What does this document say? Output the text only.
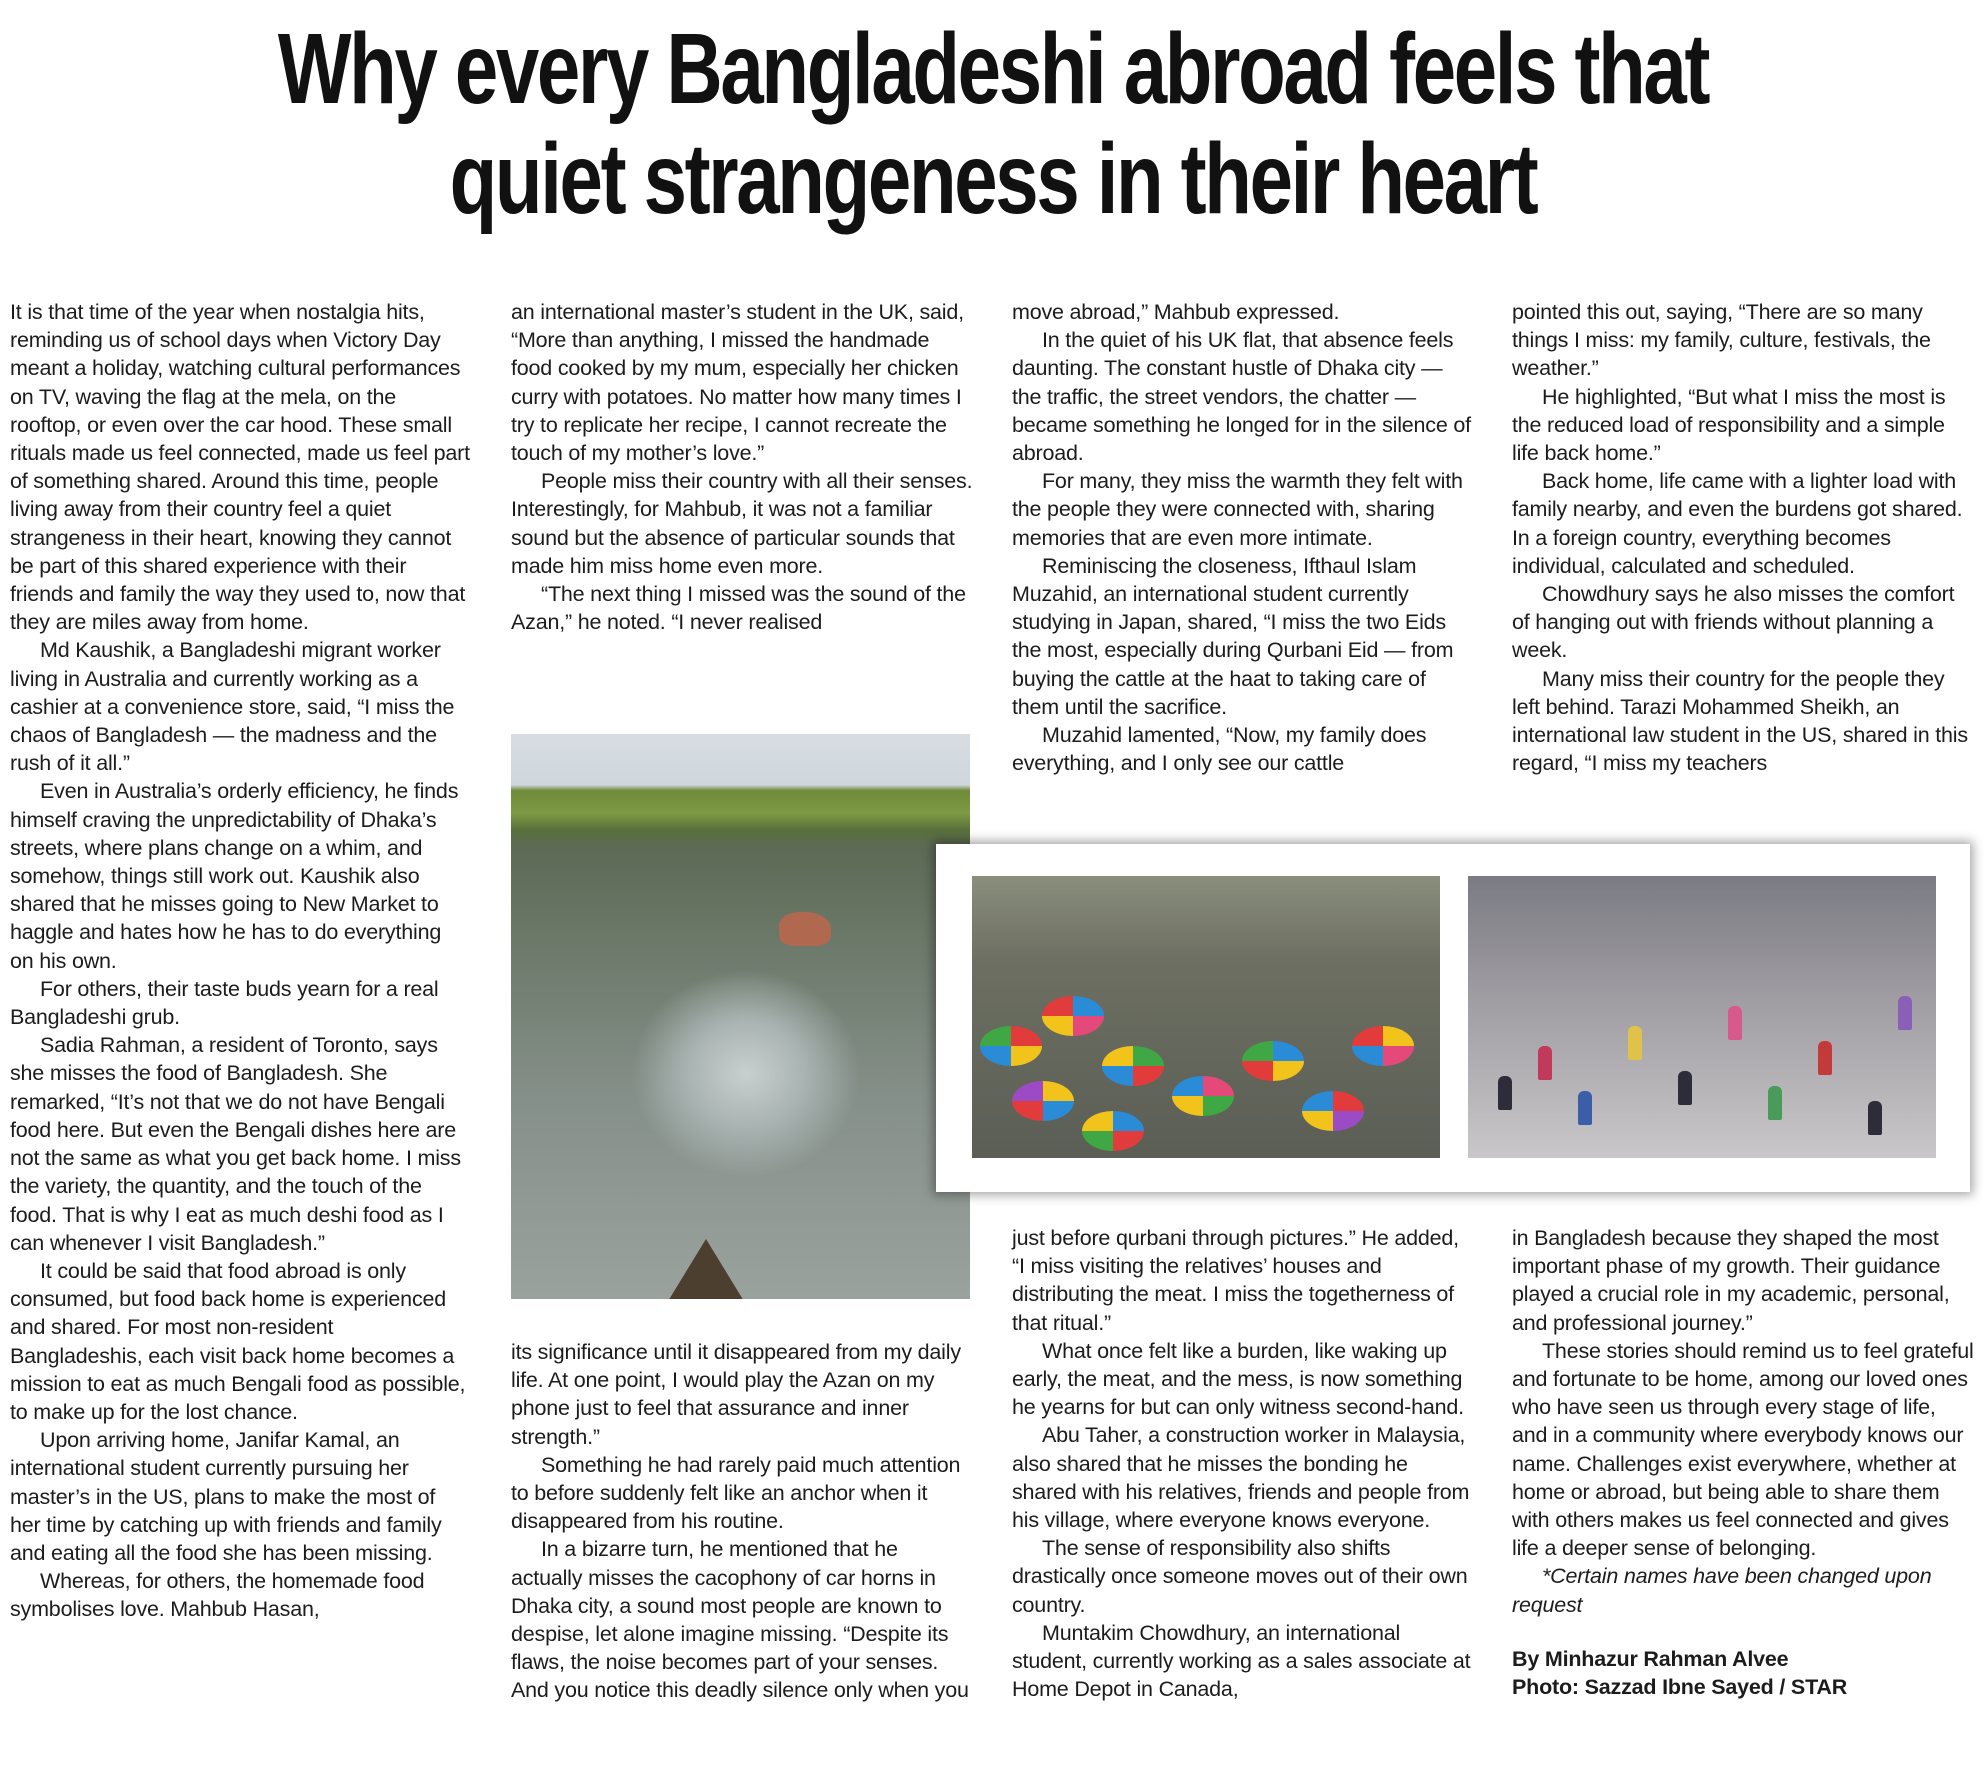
Why every Bangladeshi abroad feels that quiet strangeness in their heart

It is that time of the year when nostalgia hits, reminding us of school days when Victory Day meant a holiday, watching cultural performances on TV, waving the flag at the mela, on the rooftop, or even over the car hood. These small rituals made us feel connected, made us feel part of something shared. Around this time, people living away from their country feel a quiet strangeness in their heart, knowing they cannot be part of this shared experience with their friends and family the way they used to, now that they are miles away from home.

Md Kaushik, a Bangladeshi migrant worker living in Australia and currently working as a cashier at a convenience store, said, “I miss the chaos of Bangladesh — the madness and the rush of it all.”

Even in Australia’s orderly efficiency, he finds himself craving the unpredictability of Dhaka’s streets, where plans change on a whim, and somehow, things still work out. Kaushik also shared that he misses going to New Market to haggle and hates how he has to do everything on his own.

For others, their taste buds yearn for a real Bangladeshi grub.

Sadia Rahman, a resident of Toronto, says she misses the food of Bangladesh. She remarked, “It’s not that we do not have Bengali food here. But even the Bengali dishes here are not the same as what you get back home. I miss the variety, the quantity, and the touch of the food. That is why I eat as much deshi food as I can whenever I visit Bangladesh.”

It could be said that food abroad is only consumed, but food back home is experienced and shared. For most non-resident Bangladeshis, each visit back home becomes a mission to eat as much Bengali food as possible, to make up for the lost chance.

Upon arriving home, Janifar Kamal, an international student currently pursuing her master’s in the US, plans to make the most of her time by catching up with friends and family and eating all the food she has been missing.

Whereas, for others, the homemade food symbolises love. Mahbub Hasan,

an international master’s student in the UK, said, “More than anything, I missed the handmade food cooked by my mum, especially her chicken curry with potatoes. No matter how many times I try to replicate her recipe, I cannot recreate the touch of my mother’s love.”

People miss their country with all their senses. Interestingly, for Mahbub, it was not a familiar sound but the absence of particular sounds that made him miss home even more.

“The next thing I missed was the sound of the Azan,” he noted. “I never realised

its significance until it disappeared from my daily life. At one point, I would play the Azan on my phone just to feel that assurance and inner strength.”

Something he had rarely paid much attention to before suddenly felt like an anchor when it disappeared from his routine.

In a bizarre turn, he mentioned that he actually misses the cacophony of car horns in Dhaka city, a sound most people are known to despise, let alone imagine missing. “Despite its flaws, the noise becomes part of your senses. And you notice this deadly silence only when you

move abroad,” Mahbub expressed.

In the quiet of his UK flat, that absence feels daunting. The constant hustle of Dhaka city — the traffic, the street vendors, the chatter — became something he longed for in the silence of abroad.

For many, they miss the warmth they felt with the people they were connected with, sharing memories that are even more intimate.

Reminiscing the closeness, Ifthaul Islam Muzahid, an international student currently studying in Japan, shared, “I miss the two Eids the most, especially during Qurbani Eid — from buying the cattle at the haat to taking care of them until the sacrifice.

Muzahid lamented, “Now, my family does everything, and I only see our cattle

pointed this out, saying, “There are so many things I miss: my family, culture, festivals, the weather.”

He highlighted, “But what I miss the most is the reduced load of responsibility and a simple life back home.”

Back home, life came with a lighter load with family nearby, and even the burdens got shared. In a foreign country, everything becomes individual, calculated and scheduled.

Chowdhury says he also misses the comfort of hanging out with friends without planning a week.

Many miss their country for the people they left behind. Tarazi Mohammed Sheikh, an international law student in the US, shared in this regard, “I miss my teachers

just before qurbani through pictures.” He added, “I miss visiting the relatives’ houses and distributing the meat. I miss the togetherness of that ritual.”

What once felt like a burden, like waking up early, the meat, and the mess, is now something he yearns for but can only witness second-hand.

Abu Taher, a construction worker in Malaysia, also shared that he misses the bonding he shared with his relatives, friends and people from his village, where everyone knows everyone.

The sense of responsibility also shifts drastically once someone moves out of their own country.

Muntakim Chowdhury, an international student, currently working as a sales associate at Home Depot in Canada,

in Bangladesh because they shaped the most important phase of my growth. Their guidance played a crucial role in my academic, personal, and professional journey.”

These stories should remind us to feel grateful and fortunate to be home, among our loved ones who have seen us through every stage of life, and in a community where everybody knows our name. Challenges exist everywhere, whether at home or abroad, but being able to share them with others makes us feel connected and gives life a deeper sense of belonging.

*Certain names have been changed upon request

By Minhazur Rahman Alvee

Photo: Sazzad Ibne Sayed / STAR
